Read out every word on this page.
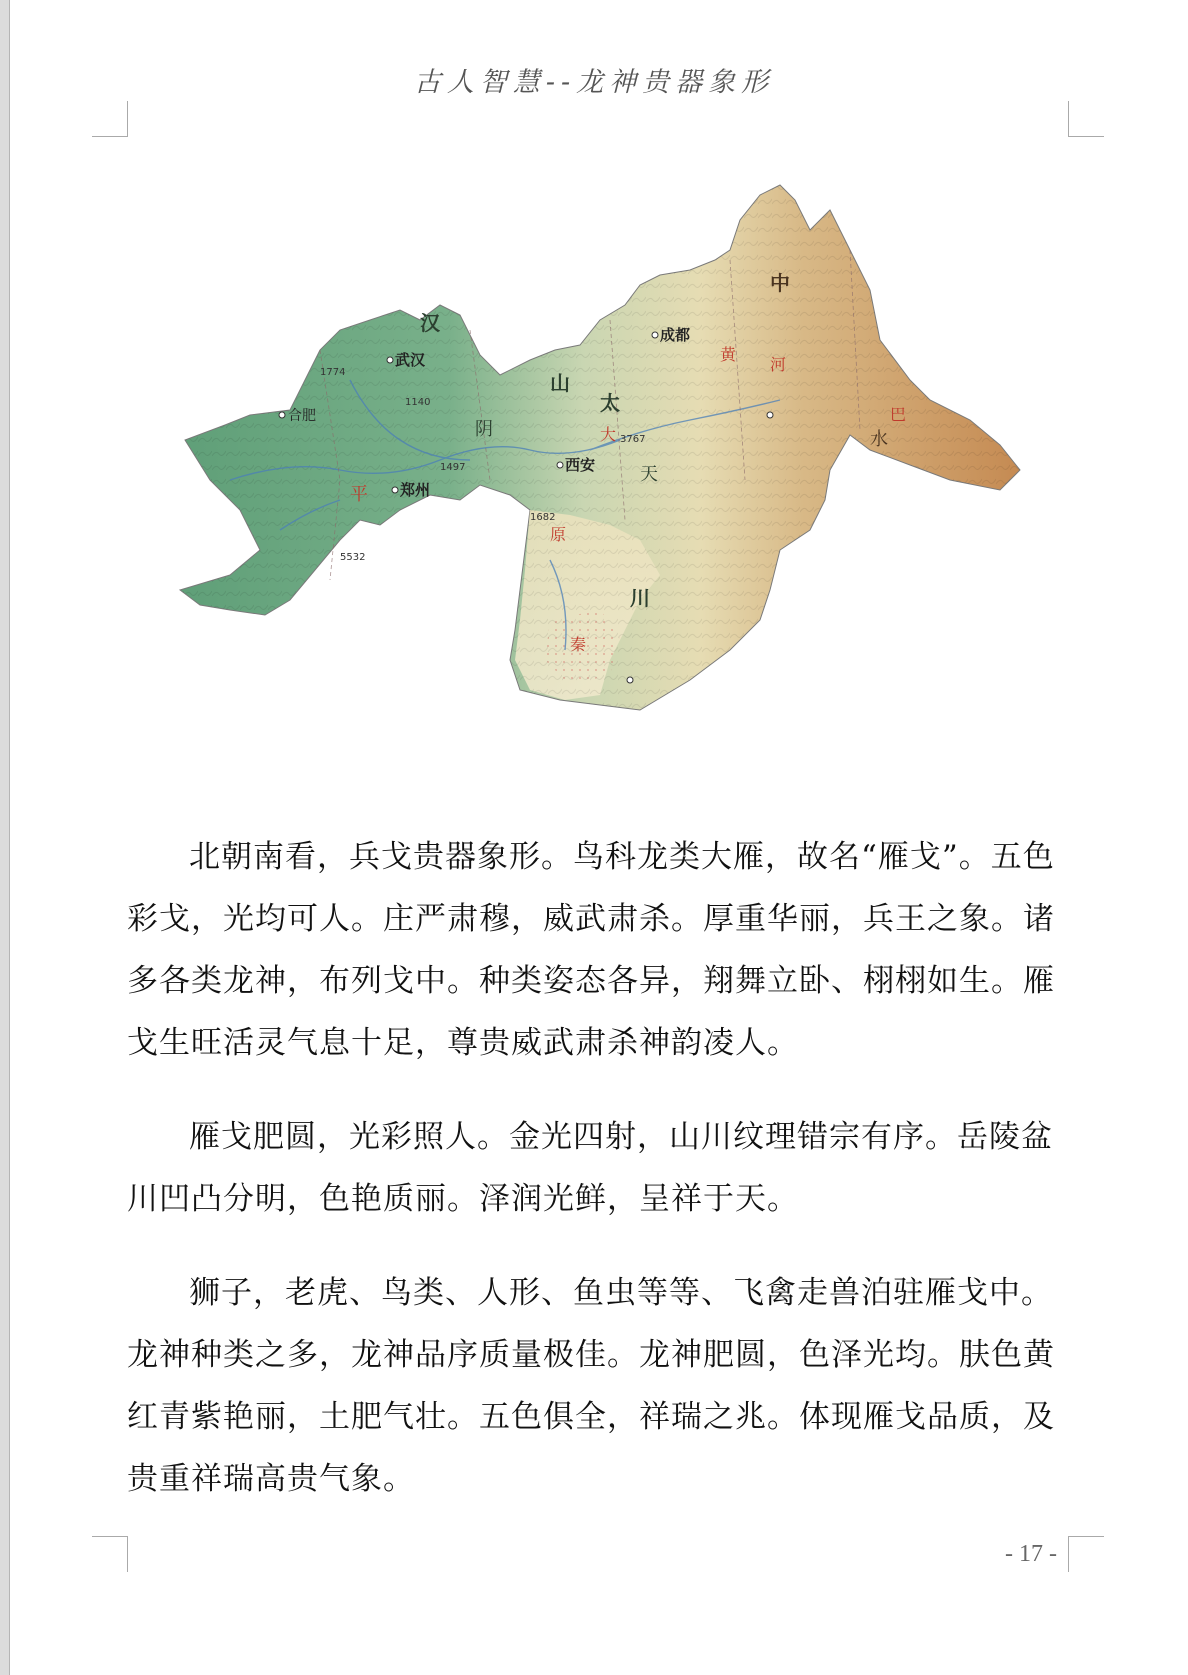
古人智慧--龙神贵器象形
合肥
郑州
西安
成都
武汉
汉
山
川
中
太
阴
天
水
原
平
黄
河
秦
巴
大
1140
1497
1682
1774
3767
5532

北朝南看，兵戈贵器象形。鸟科龙类大雁，故名“雁戈”。五色彩戈，光均可人。庄严肃穆，威武肃杀。厚重华丽，兵王之象。诸多各类龙神，布列戈中。种类姿态各异，翔舞立卧、栩栩如生。雁戈生旺活灵气息十足，尊贵威武肃杀神韵凌人。

雁戈肥圆，光彩照人。金光四射，山川纹理错宗有序。岳陵盆川凹凸分明，色艳质丽。泽润光鲜，呈祥于天。

狮子，老虎、鸟类、人形、鱼虫等等、飞禽走兽泊驻雁戈中。龙神种类之多，龙神品序质量极佳。龙神肥圆，色泽光均。肤色黄红青紫艳丽，土肥气壮。五色俱全，祥瑞之兆。体现雁戈品质，及贵重祥瑞高贵气象。

- 17 -
